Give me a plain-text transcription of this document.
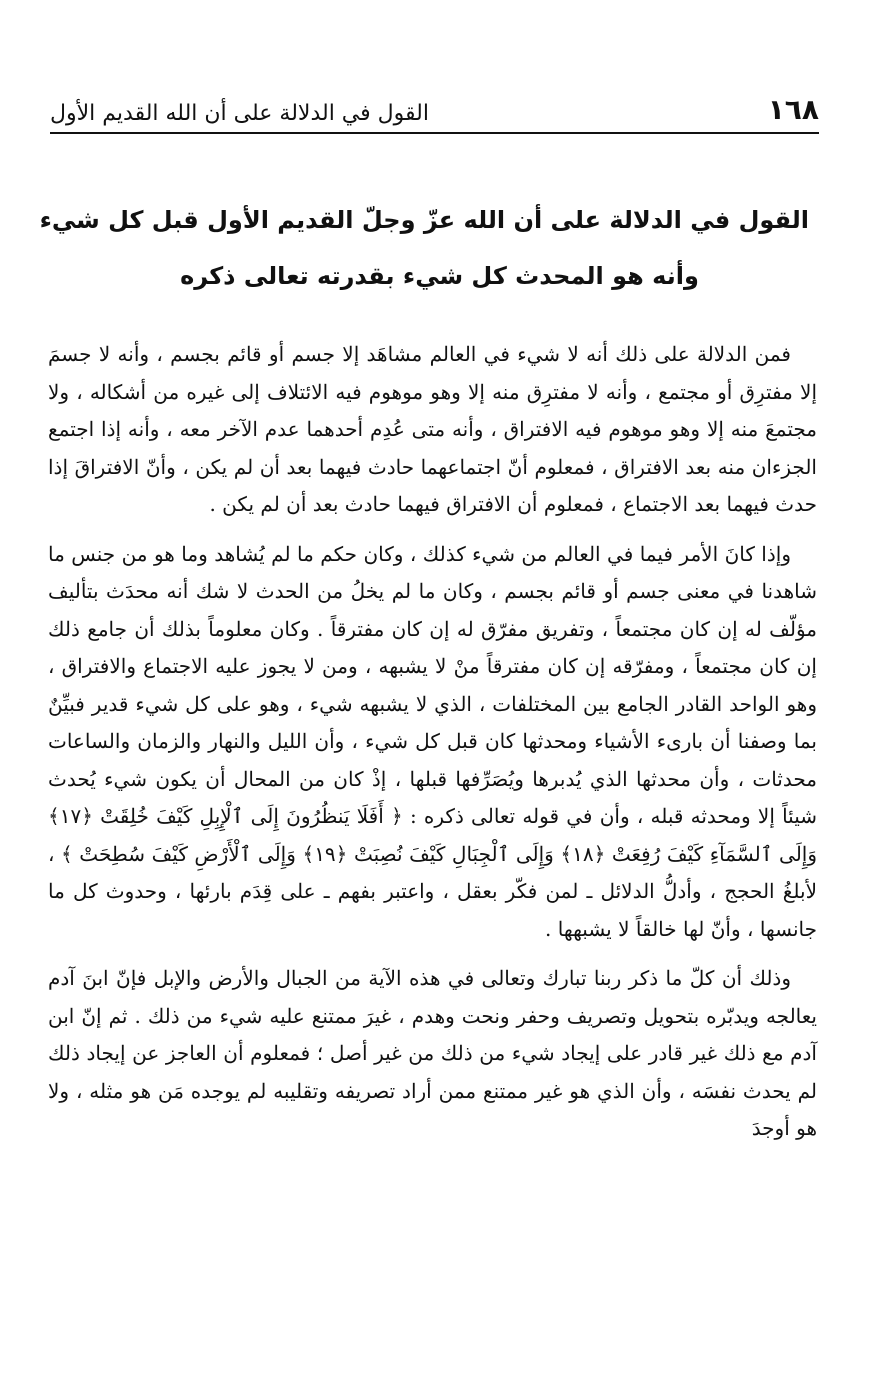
١٦٨
القول في الدلالة على أن الله القديم الأول
القول في الدلالة على أن الله عزّ وجلّ القديم الأول قبل كل شيء
وأنه هو المحدث كل شيء بقدرته تعالى ذكره

فمن الدلالة على ذلك أنه لا شيء في العالم مشاهَد إلا جسم أو قائم بجسم ، وأنه لا جسمَ إلا مفترِق أو مجتمع ، وأنه لا مفترِق منه إلا وهو موهوم فيه الائتلاف إلى غيره من أشكاله ، ولا مجتمعَ منه إلا وهو موهوم فيه الافتراق ، وأنه متى عُدِم أحدهما عدم الآخر معه ، وأنه إذا اجتمع الجزءان منه بعد الافتراق ، فمعلوم أنّ اجتماعهما حادث فيهما بعد أن لم يكن ، وأنّ الافتراقَ إذا حدث فيهما بعد الاجتماع ، فمعلوم أن الافتراق فيهما حادث بعد أن لم يكن .

وإذا كانَ الأمر فيما في العالم من شيء كذلك ، وكان حكم ما لم يُشاهد وما هو من جنس ما شاهدنا في معنى جسم أو قائم بجسم ، وكان ما لم يخلُ من الحدث لا شك أنه محدَث بتأليف مؤلّف له إن كان مجتمعاً ، وتفريق مفرّق له إن كان مفترقاً . وكان معلوماً بذلك أن جامع ذلك إن كان مجتمعاً ، ومفرّقه إن كان مفترقاً منْ لا يشبهه ، ومن لا يجوز عليه الاجتماع والافتراق ، وهو الواحد القادر الجامع بين المختلفات ، الذي لا يشبهه شيء ، وهو على كل شيء قدير فبيِّنٌ بما وصفنا أن بارىء الأشياء ومحدثها كان قبل كل شيء ، وأن الليل والنهار والزمان والساعات محدثات ، وأن محدثها الذي يُدبرها ويُصَرِّفها قبلها ، إذْ كان من المحال أن يكون شيء يُحدث شيئاً إلا ومحدثه قبله ، وأن في قوله تعالى ذكره : ﴿ أَفَلَا يَنظُرُونَ إِلَى ٱلْإِبِلِ كَيْفَ خُلِقَتْ ﴿١٧﴾ وَإِلَى ٱلسَّمَآءِ كَيْفَ رُفِعَتْ ﴿١٨﴾ وَإِلَى ٱلْجِبَالِ كَيْفَ نُصِبَتْ ﴿١٩﴾ وَإِلَى ٱلْأَرْضِ كَيْفَ سُطِحَتْ ﴾ ، لأبلغُ الحجج ، وأدلُّ الدلائل ـ لمن فكّر بعقل ، واعتبر بفهم ـ على قِدَم بارئها ، وحدوث كل ما جانسها ، وأنّ لها خالقاً لا يشبهها .

وذلك أن كلّ ما ذكر ربنا تبارك وتعالى في هذه الآية من الجبال والأرض والإبل فإنّ ابنَ آدم يعالجه ويدبّره بتحويل وتصريف وحفر ونحت وهدم ، غيرَ ممتنع عليه شيء من ذلك . ثم إنّ ابن آدم مع ذلك غير قادر على إيجاد شيء من ذلك من غير أصل ؛ فمعلوم أن العاجز عن إيجاد ذلك لم يحدث نفسَه ، وأن الذي هو غير ممتنع ممن أراد تصريفه وتقليبه لم يوجده مَن هو مثله ، ولا هو أوجدَ
